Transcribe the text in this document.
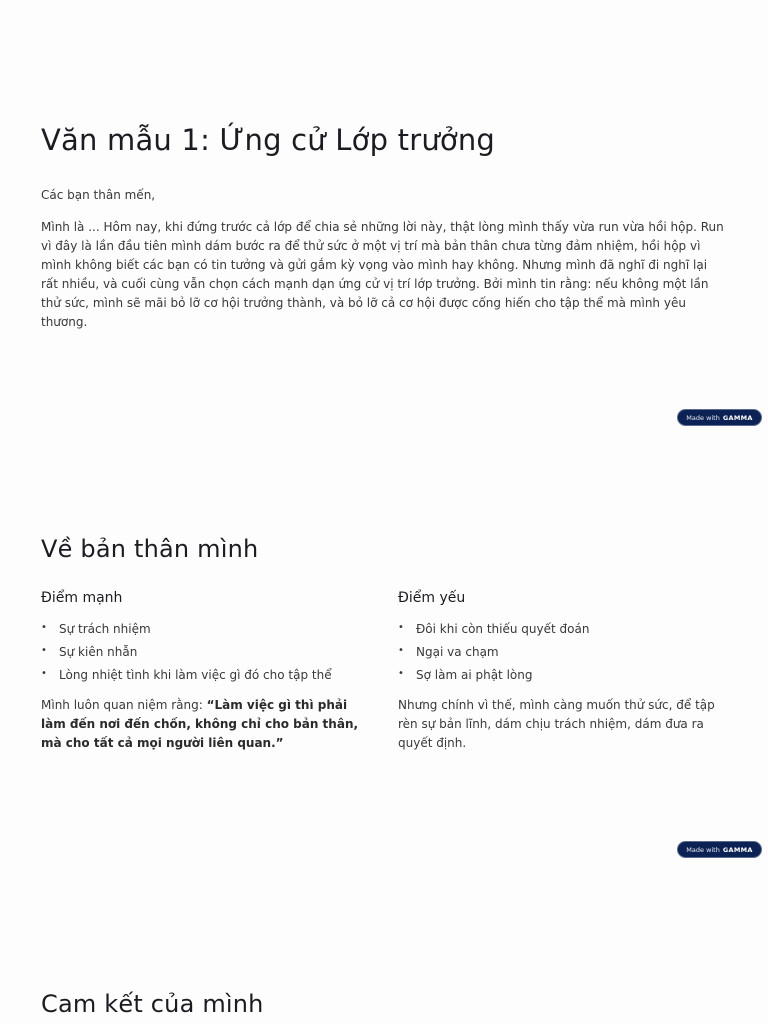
Văn mẫu 1: Ứng cử Lớp trưởng

Các bạn thân mến,

Mình là ... Hôm nay, khi đứng trước cả lớp để chia sẻ những lời này, thật lòng mình thấy vừa run vừa hồi hộp. Run vì đây là lần đầu tiên mình dám bước ra để thử sức ở một vị trí mà bản thân chưa từng đảm nhiệm, hồi hộp vì mình không biết các bạn có tin tưởng và gửi gắm kỳ vọng vào mình hay không. Nhưng mình đã nghĩ đi nghĩ lại rất nhiều, và cuối cùng vẫn chọn cách mạnh dạn ứng cử vị trí lớp trưởng. Bởi mình tin rằng: nếu không một lần thử sức, mình sẽ mãi bỏ lỡ cơ hội trưởng thành, và bỏ lỡ cả cơ hội được cống hiến cho tập thể mà mình yêu thương.

Made with GAMMA
Về bản thân mình
Điểm mạnh
• Sự trách nhiệm
• Sự kiên nhẫn
• Lòng nhiệt tình khi làm việc gì đó cho tập thể

Mình luôn quan niệm rằng: “Làm việc gì thì phải làm đến nơi đến chốn, không chỉ cho bản thân, mà cho tất cả mọi người liên quan.”

Điểm yếu
• Đôi khi còn thiếu quyết đoán
• Ngại va chạm
• Sợ làm ai phật lòng

Nhưng chính vì thế, mình càng muốn thử sức, để tập rèn sự bản lĩnh, dám chịu trách nhiệm, dám đưa ra quyết định.

Made with GAMMA
Cam kết của mình
